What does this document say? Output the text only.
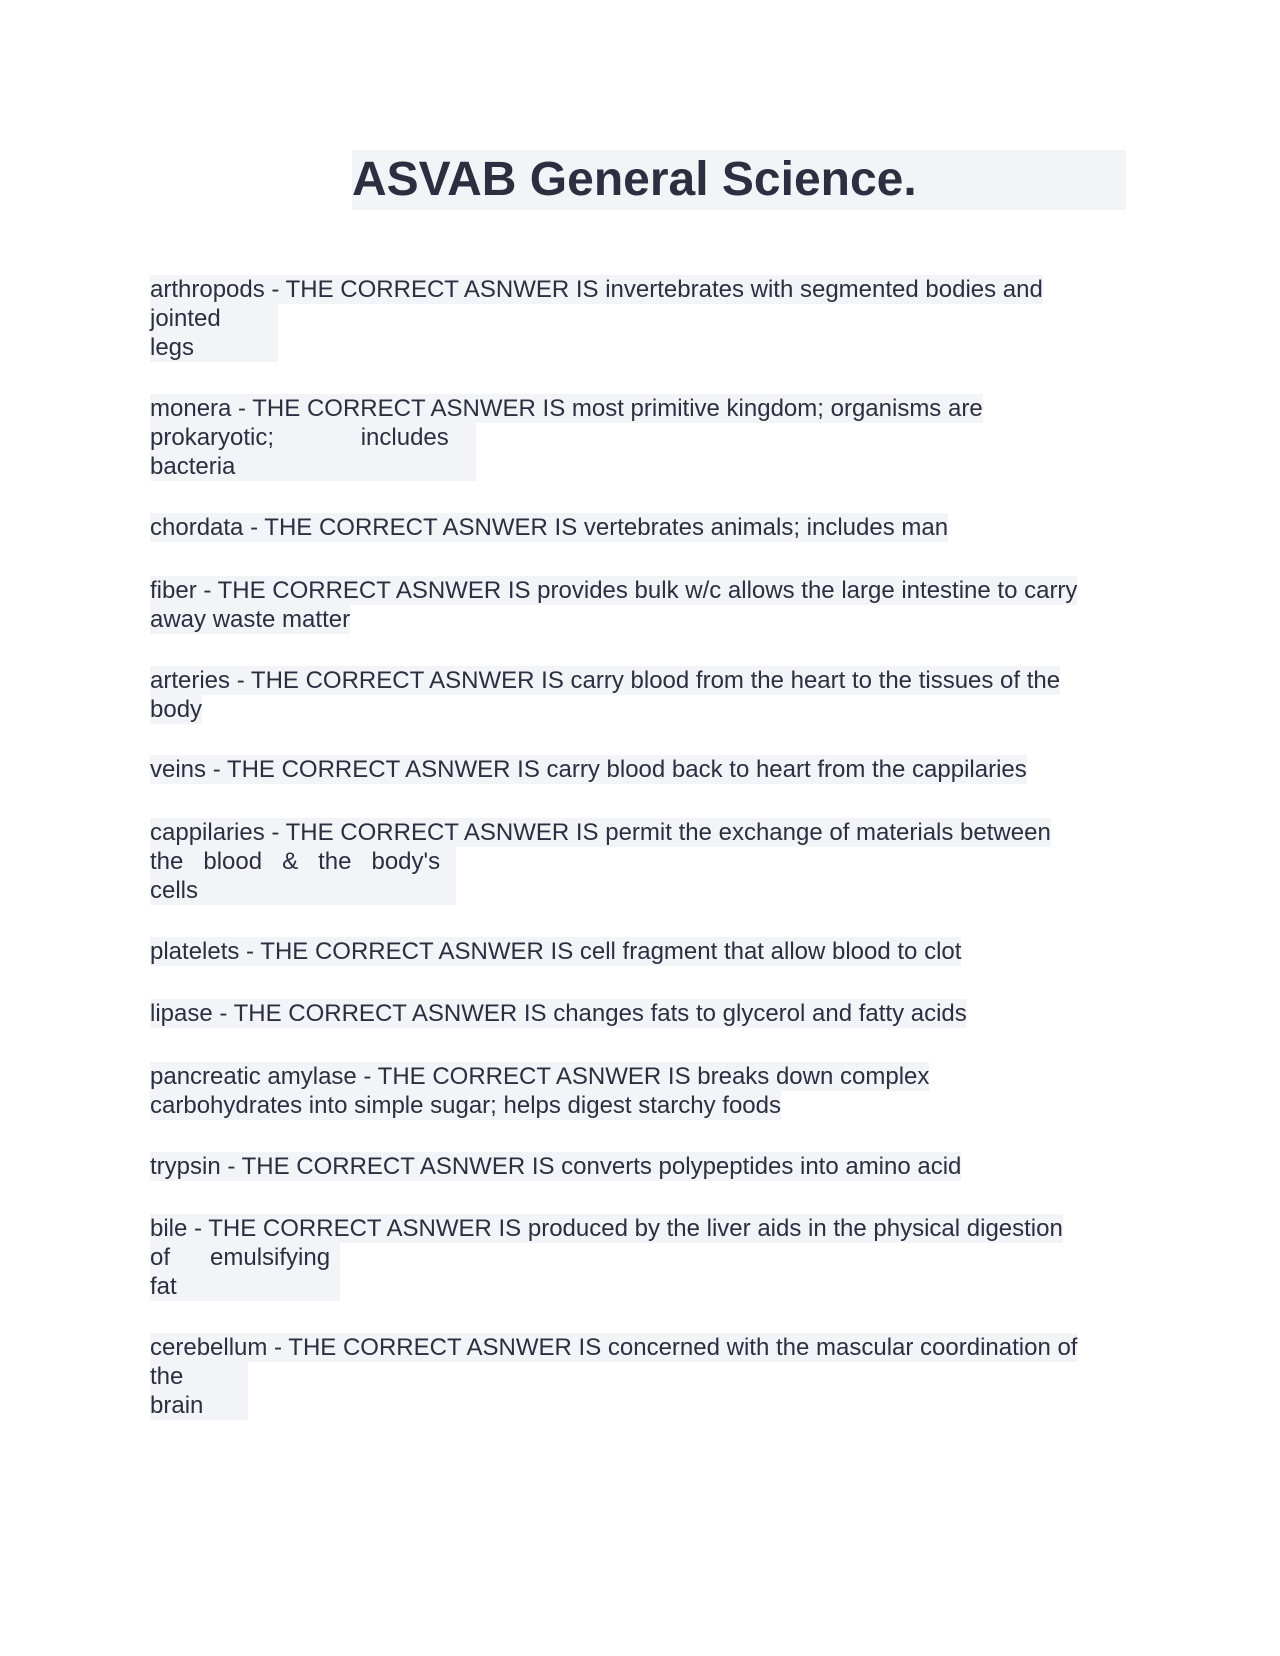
ASVAB General Science.
arthropods - THE CORRECT ASNWER IS invertebrates with segmented bodies and
jointed
legs
monera - THE CORRECT ASNWER IS most primitive kingdom; organisms are
prokaryotic;             includes
bacteria
chordata - THE CORRECT ASNWER IS vertebrates animals; includes man
fiber - THE CORRECT ASNWER IS provides bulk w/c allows the large intestine to carry
away waste matter
arteries - THE CORRECT ASNWER IS carry blood from the heart to the tissues of the
body
veins - THE CORRECT ASNWER IS carry blood back to heart from the cappilaries
cappilaries - THE CORRECT ASNWER IS permit the exchange of materials between
the   blood   &   the   body's
cells
platelets - THE CORRECT ASNWER IS cell fragment that allow blood to clot
lipase - THE CORRECT ASNWER IS changes fats to glycerol and fatty acids
pancreatic amylase - THE CORRECT ASNWER IS breaks down complex
carbohydrates into simple sugar; helps digest starchy foods
trypsin - THE CORRECT ASNWER IS converts polypeptides into amino acid
bile - THE CORRECT ASNWER IS produced by the liver aids in the physical digestion
of      emulsifying
fat
cerebellum - THE CORRECT ASNWER IS concerned with the mascular coordination of
the
brain
